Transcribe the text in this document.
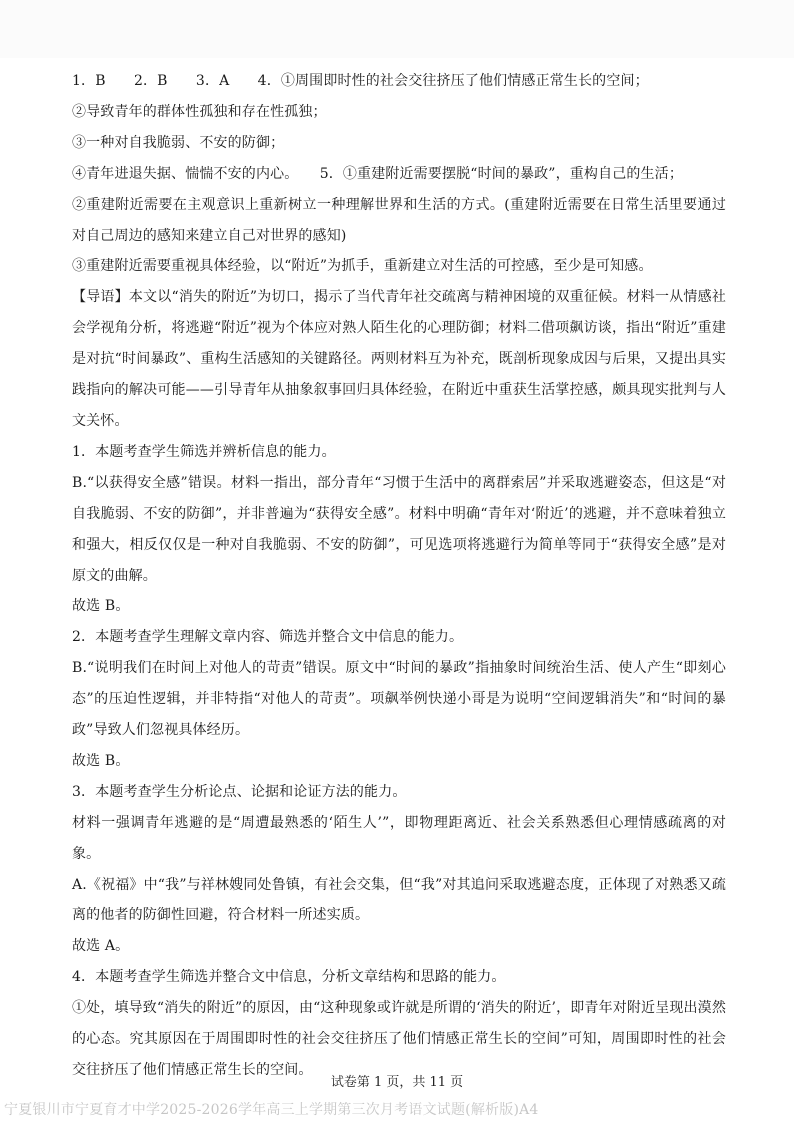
1．B　　2．B　　3．A　　4．①周围即时性的社会交往挤压了他们情感正常生长的空间；

②导致青年的群体性孤独和存在性孤独；

③一种对自我脆弱、不安的防御；

④青年进退失据、惴惴不安的内心。　　5．①重建附近需要摆脱“时间的暴政”，重构自己的生活；

②重建附近需要在主观意识上重新树立一种理解世界和生活的方式。(重建附近需要在日常生活里要通过对自己周边的感知来建立自己对世界的感知)

③重建附近需要重视具体经验，以“附近”为抓手，重新建立对生活的可控感，至少是可知感。

【导语】本文以“消失的附近”为切口，揭示了当代青年社交疏离与精神困境的双重征候。材料一从情感社会学视角分析，将逃避“附近”视为个体应对熟人陌生化的心理防御；材料二借项飙访谈，指出“附近”重建是对抗“时间暴政”、重构生活感知的关键路径。两则材料互为补充，既剖析现象成因与后果，又提出具实践指向的解决可能——引导青年从抽象叙事回归具体经验，在附近中重获生活掌控感，颇具现实批判与人文关怀。

1．本题考查学生筛选并辨析信息的能力。

B.“以获得安全感”错误。材料一指出，部分青年“习惯于生活中的离群索居”并采取逃避姿态，但这是“对自我脆弱、不安的防御”，并非普遍为“获得安全感”。材料中明确“青年对‘附近’的逃避，并不意味着独立和强大，相反仅仅是一种对自我脆弱、不安的防御”，可见选项将逃避行为简单等同于“获得安全感”是对原文的曲解。

故选 B。

2．本题考查学生理解文章内容、筛选并整合文中信息的能力。

B.“说明我们在时间上对他人的苛责”错误。原文中“时间的暴政”指抽象时间统治生活、使人产生“即刻心态”的压迫性逻辑，并非特指“对他人的苛责”。项飙举例快递小哥是为说明“空间逻辑消失”和“时间的暴政”导致人们忽视具体经历。

故选 B。

3．本题考查学生分析论点、论据和论证方法的能力。

材料一强调青年逃避的是“周遭最熟悉的‘陌生人’”，即物理距离近、社会关系熟悉但心理情感疏离的对象。

A.《祝福》中“我”与祥林嫂同处鲁镇，有社会交集，但“我”对其追问采取逃避态度，正体现了对熟悉又疏离的他者的防御性回避，符合材料一所述实质。

故选 A。

4．本题考查学生筛选并整合文中信息，分析文章结构和思路的能力。

①处，填导致“消失的附近”的原因，由“这种现象或许就是所谓的‘消失的附近’，即青年对附近呈现出漠然的心态。究其原因在于周围即时性的社会交往挤压了他们情感正常生长的空间”可知，周围即时性的社会交往挤压了他们情感正常生长的空间。

试卷第 1 页，共 11 页
宁夏银川市宁夏育才中学2025-2026学年高三上学期第三次月考语文试题(解析版)A4
